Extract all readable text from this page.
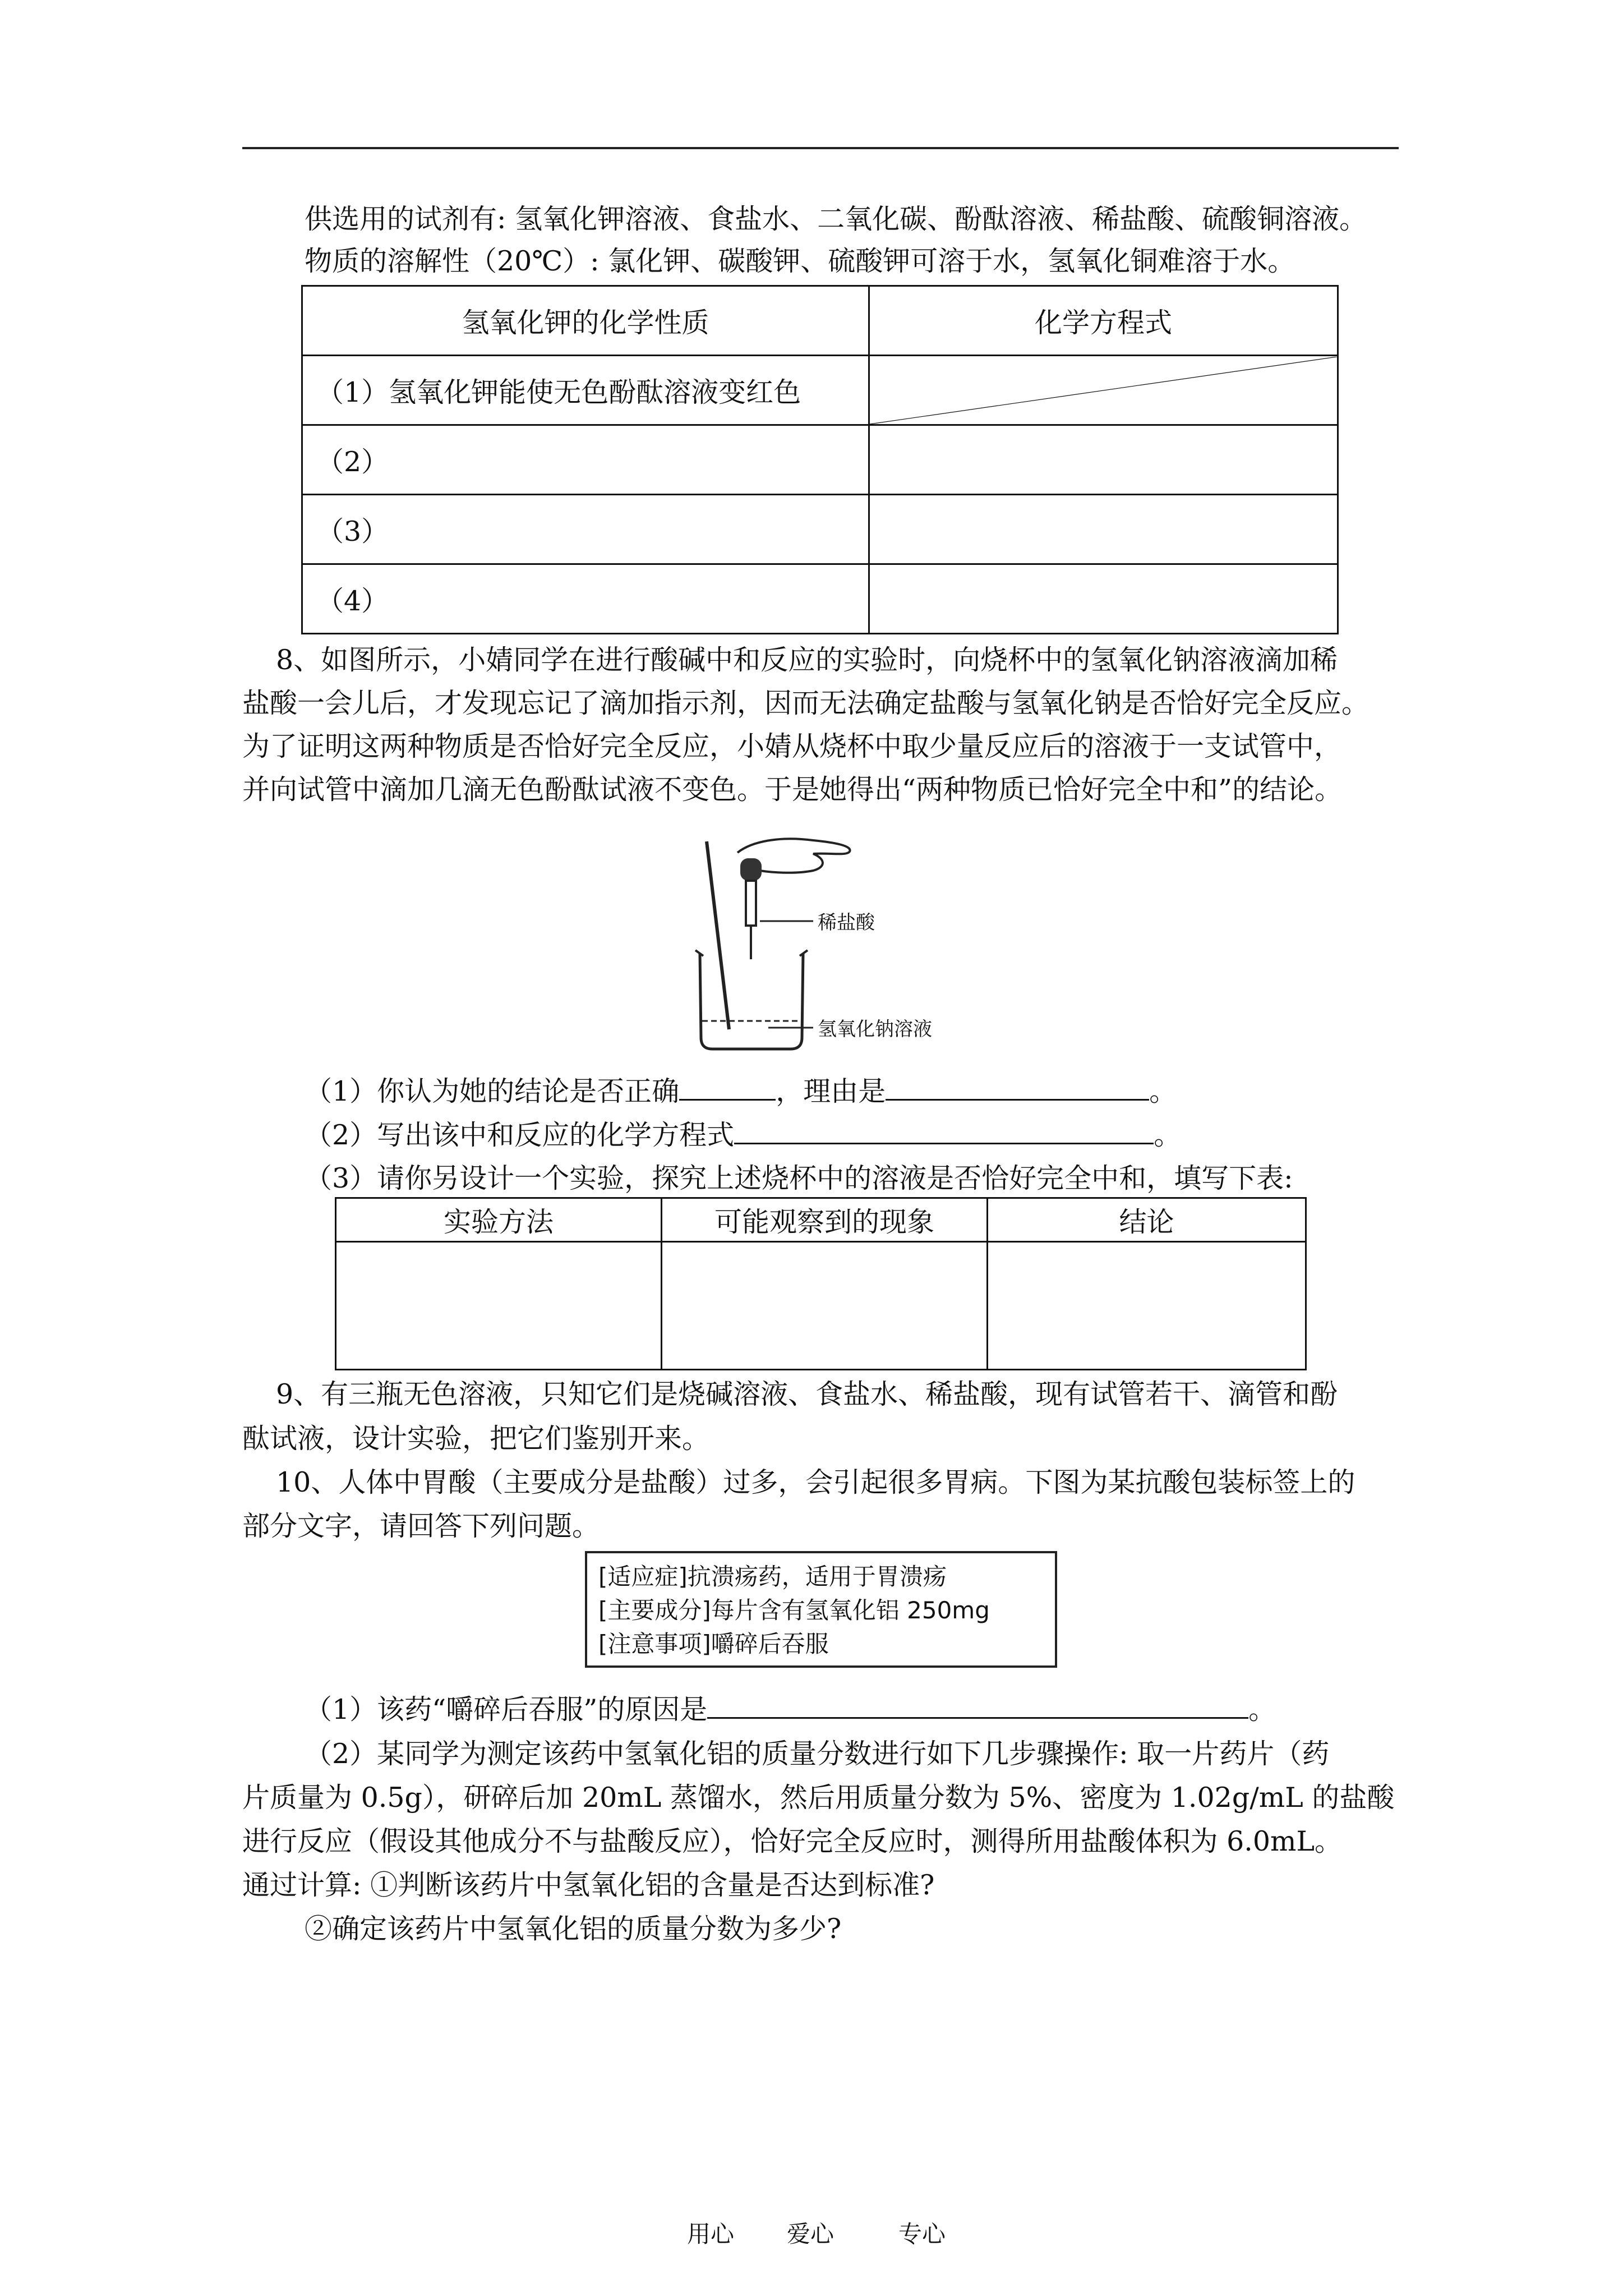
供选用的试剂有: 氢氧化钾溶液、食盐水、二氧化碳、酚酞溶液、稀盐酸、硫酸铜溶液。
物质的溶解性（20℃）: 氯化钾、碳酸钾、硫酸钾可溶于水，氢氧化铜难溶于水。
氢氧化钾的化学性质	化学方程式
（1）氢氧化钾能使无色酚酞溶液变红色	

（2）	
（3）	
（4）	
8、如图所示，小婧同学在进行酸碱中和反应的实验时，向烧杯中的氢氧化钠溶液滴加稀
盐酸一会儿后，才发现忘记了滴加指示剂，因而无法确定盐酸与氢氧化钠是否恰好完全反应。
为了证明这两种物质是否恰好完全反应，小婧从烧杯中取少量反应后的溶液于一支试管中，
并向试管中滴加几滴无色酚酞试液不变色。于是她得出“两种物质已恰好完全中和”的结论。
稀盐酸
氢氧化钠溶液
（1）你认为她的结论是否正确	，理由是	。
（2）写出该中和反应的化学方程式	。
（3）请你另设计一个实验，探究上述烧杯中的溶液是否恰好完全中和，填写下表:
实验方法	可能观察到的现象	结论

9、有三瓶无色溶液，只知它们是烧碱溶液、食盐水、稀盐酸，现有试管若干、滴管和酚
酞试液，设计实验，把它们鉴别开来。
10、人体中胃酸（主要成分是盐酸）过多，会引起很多胃病。下图为某抗酸包装标签上的
部分文字，请回答下列问题。
[适应症]抗溃疡药，适用于胃溃疡
[主要成分]每片含有氢氧化铝 250mg
[注意事项]嚼碎后吞服
（1）该药“嚼碎后吞服”的原因是	。
（2）某同学为测定该药中氢氧化铝的质量分数进行如下几步骤操作: 取一片药片（药
片质量为 0.5g），研碎后加 20mL 蒸馏水，然后用质量分数为 5%、密度为 1.02g/mL 的盐酸
进行反应（假设其他成分不与盐酸反应），恰好完全反应时，测得所用盐酸体积为 6.0mL。
通过计算: ①判断该药片中氢氧化铝的含量是否达到标准?
②确定该药片中氢氧化铝的质量分数为多少?
用心 爱心	专心
